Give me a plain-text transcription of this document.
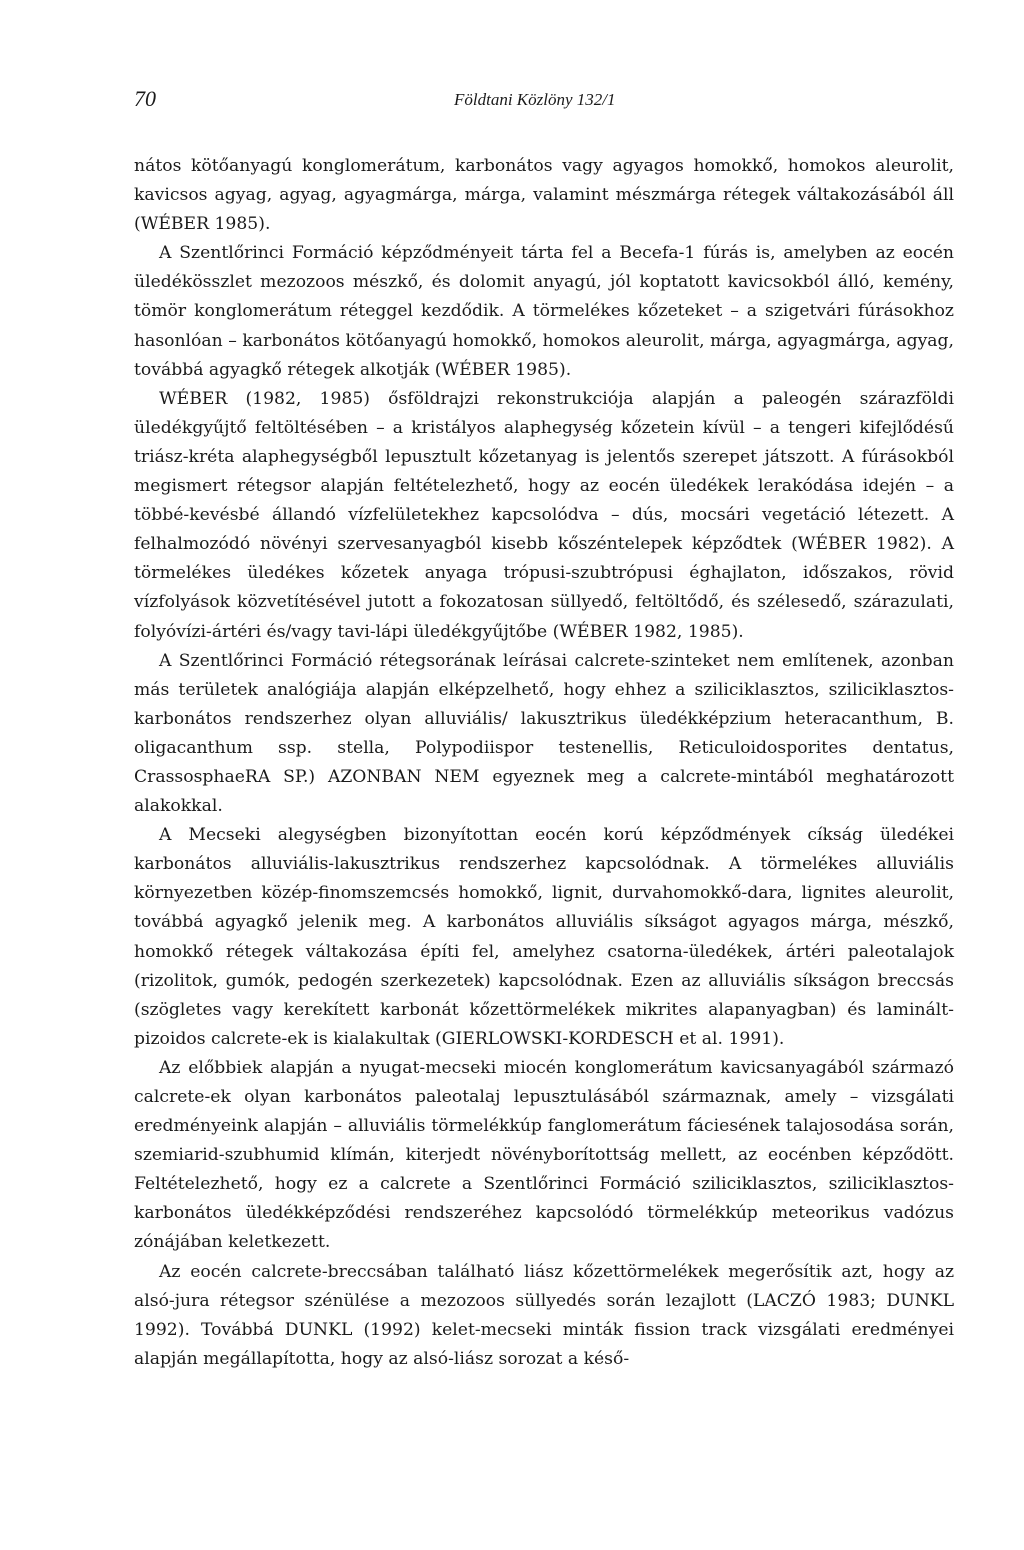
70	Földtani Közlöny 132/1

nátos kötőanyagú konglomerátum, karbonátos vagy agyagos homokkő, homokos aleurolit, kavicsos agyag, agyag, agyagmárga, márga, valamint mészmárga rétegek váltakozásából áll (WÉBER 1985).

A Szentlőrinci Formáció képződményeit tárta fel a Becefa-1 fúrás is, amelyben az eocén üledékösszlet mezozoos mészkő, és dolomit anyagú, jól koptatott kavicsokból álló, kemény, tömör konglomerátum réteggel kezdődik. A törmelékes kőzeteket – a szigetvári fúrásokhoz hasonlóan – karbonátos kötőanyagú homokkő, homokos aleurolit, márga, agyagmárga, agyag, továbbá agyagkő rétegek alkotják (WÉBER 1985).

WÉBER (1982, 1985) ősföldrajzi rekonstrukciója alapján a paleogén szárazföldi üledékgyűjtő feltöltésében – a kristályos alaphegység kőzetein kívül – a tengeri kifejlődésű triász-kréta alaphegységből lepusztult kőzetanyag is jelentős szerepet játszott. A fúrásokból megismert rétegsor alapján feltételezhető, hogy az eocén üledékek lerakódása idején – a többé-kevésbé állandó vízfelületekhez kapcsolódva – dús, mocsári vegetáció létezett. A felhalmozódó növényi szervesanyagból kisebb kőszéntelepek képződtek (WÉBER 1982). A törmelékes üledékes kőzetek anyaga trópusi-szubtrópusi éghajlaton, időszakos, rövid vízfolyások közvetítésével jutott a fokozatosan süllyedő, feltöltődő, és szélesedő, szárazulati, folyóvízi-ártéri és/vagy tavi-lápi üledékgyűjtőbe (WÉBER 1982, 1985).

A Szentlőrinci Formáció rétegsorának leírásai calcrete-szinteket nem említenek, azonban más területek analógiája alapján elképzelhető, hogy ehhez a sziliciklasztos, sziliciklasztos-karbonátos rendszerhez olyan alluviális/ lakusztrikus üledékképzium heteracanthum, B. oligacanthum ssp. stella, Polypodiispor testenellis, Reticuloidosporites dentatus, CrassosphaeRA SP.) AZONBAN NEM egyeznek meg a calcrete-mintából meghatározott alakokkal.

A Mecseki alegységben bizonyítottan eocén korú képződmények cíkság üledékei karbonátos alluviális-lakusztrikus rendszerhez kapcsolódnak. A törmelékes alluviális környezetben közép-finomszemcsés homokkő, lignit, durvahomokkő-dara, lignites aleurolit, továbbá agyagkő jelenik meg. A karbonátos alluviális síkságot agyagos márga, mészkő, homokkő rétegek váltakozása építi fel, amelyhez csatorna-üledékek, ártéri paleotalajok (rizolitok, gumók, pedogén szerkezetek) kapcsolódnak. Ezen az alluviális síkságon breccsás (szögletes vagy kerekített karbonát kőzettörmelékek mikrites alapanyagban) és laminált-pizoidos calcrete-ek is kialakultak (GIERLOWSKI-KORDESCH et al. 1991).

Az előbbiek alapján a nyugat-mecseki miocén konglomerátum kavicsanyagából származó calcrete-ek olyan karbonátos paleotalaj lepusztulásából származnak, amely – vizsgálati eredményeink alapján – alluviális törmelékkúp fanglomerátum fáciesének talajosodása során, szemiarid-szubhumid klímán, kiterjedt növényborítottság mellett, az eocénben képződött. Feltételezhető, hogy ez a calcrete a Szentlőrinci Formáció sziliciklasztos, sziliciklasztos-karbonátos üledékképződési rendszeréhez kapcsolódó törmelékkúp meteorikus vadózus zónájában keletkezett.

Az eocén calcrete-breccsában található liász kőzettörmelékek megerősítik azt, hogy az alsó-jura rétegsor szénülése a mezozoos süllyedés során lezajlott (LACZÓ 1983; DUNKL 1992). Továbbá DUNKL (1992) kelet-mecseki minták fission track vizsgálati eredményei alapján megállapította, hogy az alsó-liász sorozat a késő-
